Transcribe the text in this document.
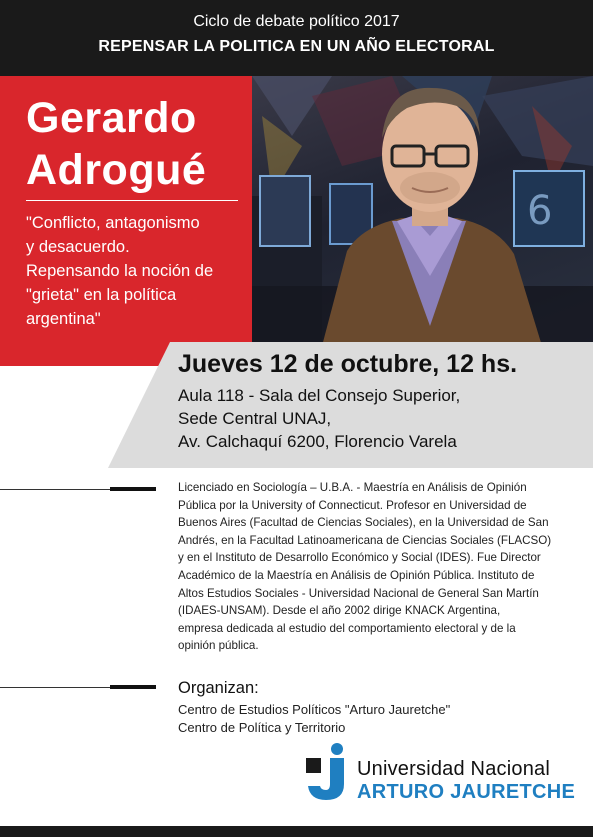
Ciclo de debate político 2017
REPENSAR LA POLITICA EN UN AÑO ELECTORAL
6
Gerardo
Adrogué
"Conflicto, antagonismo
y desacuerdo.
Repensando la noción de
"grieta" en la política
argentina"
Jueves 12 de octubre, 12 hs.
Aula 118 - Sala del Consejo Superior,
Sede Central UNAJ,
Av. Calchaquí 6200, Florencio Varela
Licenciado en Sociología – U.B.A. - Maestría en Análisis de Opinión
Pública por la University of Connecticut. Profesor en Universidad de
Buenos Aires (Facultad de Ciencias Sociales), en la Universidad de San
Andrés, en la Facultad Latinoamericana de Ciencias Sociales (FLACSO)
y en el Instituto de Desarrollo Económico y Social (IDES). Fue Director
Académico de la Maestría en Análisis de Opinión Pública. Instituto de
Altos Estudios Sociales - Universidad Nacional de General San Martín
(IDAES-UNSAM). Desde el año 2002 dirige KNACK Argentina,
empresa dedicada al estudio del comportamiento electoral y de la
opinión pública.
Organizan:
Centro de Estudios Políticos "Arturo Jauretche"
Centro de Política y Territorio
Universidad Nacional
ARTURO JAURETCHE
